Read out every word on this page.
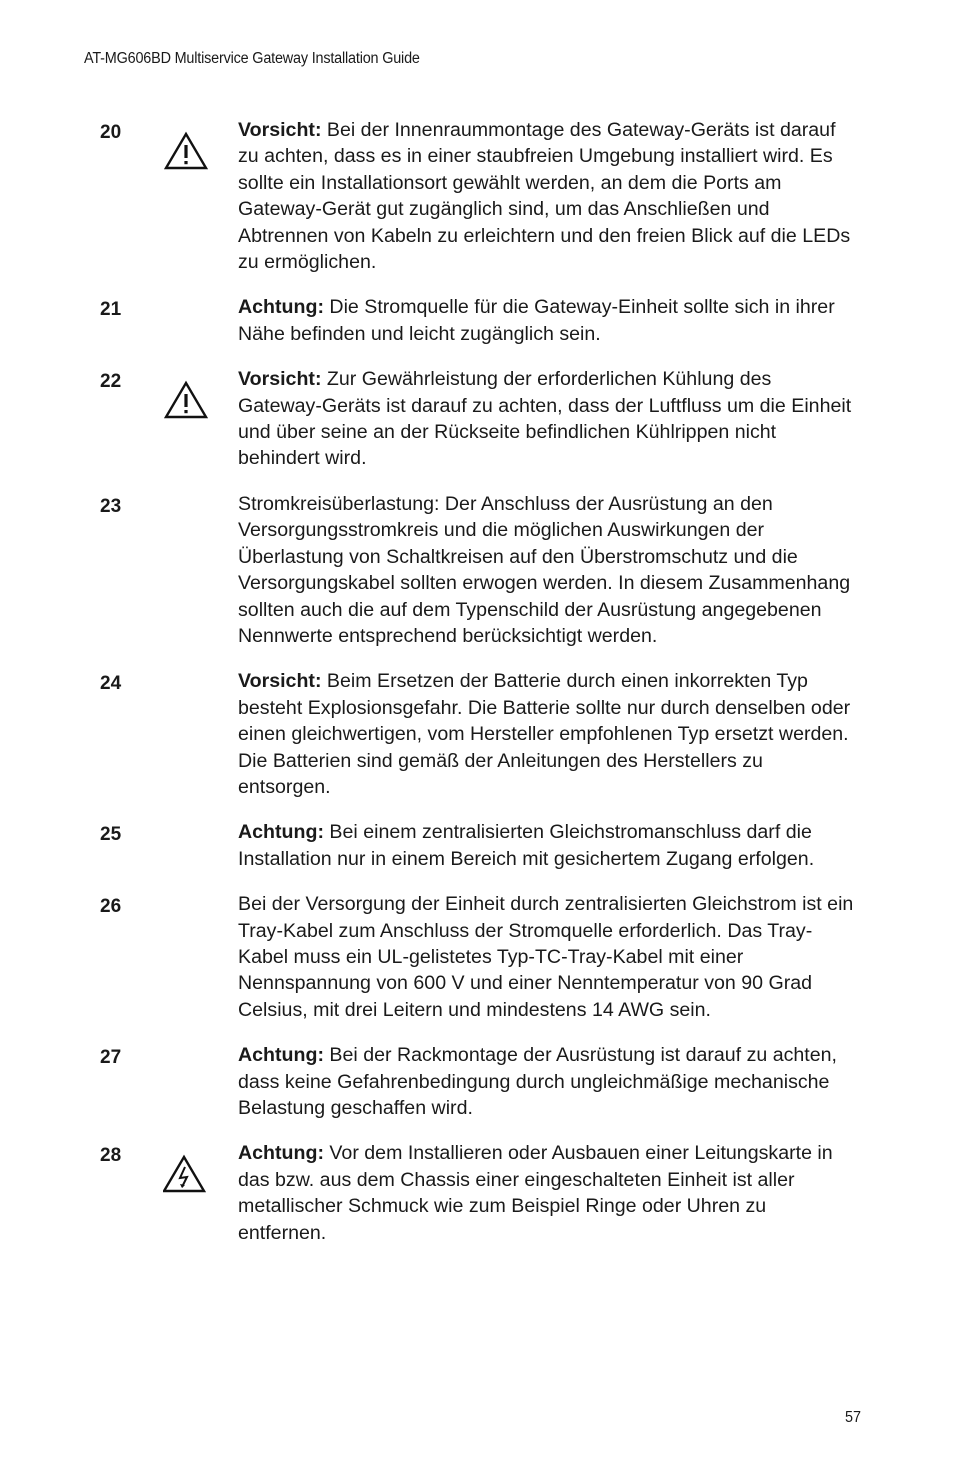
AT-MG606BD Multiservice Gateway Installation Guide
20	Vorsicht: Bei der Innenraummontage des Gateway-Geräts ist darauf zu achten, dass es in einer staubfreien Umgebung installiert wird. Es sollte ein Installationsort gewählt werden, an dem die Ports am Gateway-Gerät gut zugänglich sind, um das Anschließen und Abtrennen von Kabeln zu erleichtern und den freien Blick auf die LEDs zu ermöglichen.
21	Achtung: Die Stromquelle für die Gateway-Einheit sollte sich in ihrer Nähe befinden und leicht zugänglich sein.
22	Vorsicht: Zur Gewährleistung der erforderlichen Kühlung des Gateway-Geräts ist darauf zu achten, dass der Luftfluss um die Einheit und über seine an der Rückseite befindlichen Kühlrippen nicht behindert wird.
23	Stromkreisüberlastung: Der Anschluss der Ausrüstung an den Versorgungsstromkreis und die möglichen Auswirkungen der Überlastung von Schaltkreisen auf den Überstromschutz und die Versorgungskabel sollten erwogen werden. In diesem Zusammenhang sollten auch die auf dem Typenschild der Ausrüstung angegebenen Nennwerte entsprechend berücksichtigt werden.
24	Vorsicht: Beim Ersetzen der Batterie durch einen inkorrekten Typ besteht Explosionsgefahr. Die Batterie sollte nur durch denselben oder einen gleichwertigen, vom Hersteller empfohlenen Typ ersetzt werden. Die Batterien sind gemäß der Anleitungen des Herstellers zu entsorgen.
25	Achtung: Bei einem zentralisierten Gleichstromanschluss darf die Installation nur in einem Bereich mit gesichertem Zugang erfolgen.
26	Bei der Versorgung der Einheit durch zentralisierten Gleichstrom ist ein Tray-Kabel zum Anschluss der Stromquelle erforderlich. Das Tray-Kabel muss ein UL-gelistetes Typ-TC-Tray-Kabel mit einer Nennspannung von 600 V und einer Nenntemperatur von 90 Grad Celsius, mit drei Leitern und mindestens 14 AWG sein.
27	Achtung: Bei der Rackmontage der Ausrüstung ist darauf zu achten, dass keine Gefahrenbedingung durch ungleichmäßige mechanische Belastung geschaffen wird.
28	Achtung: Vor dem Installieren oder Ausbauen einer Leitungskarte in das bzw. aus dem Chassis einer eingeschalteten Einheit ist aller metallischer Schmuck wie zum Beispiel Ringe oder Uhren zu entfernen.
57
